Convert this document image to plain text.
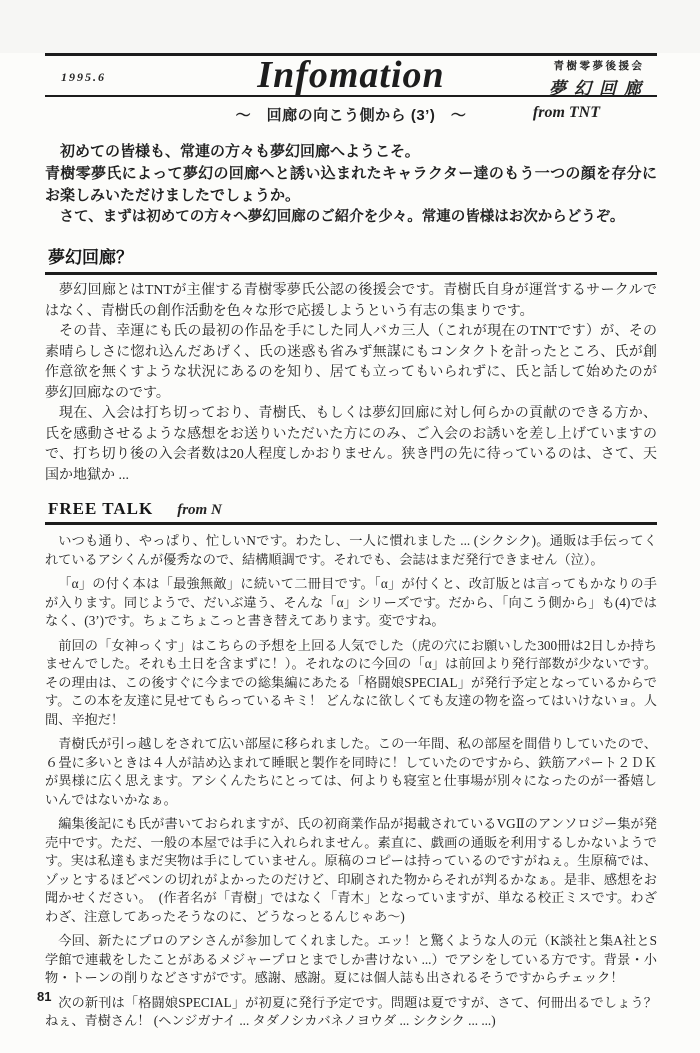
1995.6	Infomation	青樹零夢後援会
夢幻回廊
〜　回廊の向こう側から (3’)　〜	from TNT

初めての皆様も、常連の方々も夢幻回廊へようこそ。

青樹零夢氏によって夢幻の回廊へと誘い込まれたキャラクター達のもう一つの顔を存分にお楽しみいただけましたでしょうか。

さて、まずは初めての方々へ夢幻回廊のご紹介を少々。常連の皆様はお次からどうぞ。

夢幻回廊？

夢幻回廊とはTNTが主催する青樹零夢氏公認の後援会です。青樹氏自身が運営するサークルではなく、青樹氏の創作活動を色々な形で応援しようという有志の集まりです。

その昔、幸運にも氏の最初の作品を手にした同人バカ三人（これが現在のTNTです）が、その素晴らしさに惚れ込んだあげく、氏の迷惑も省みず無謀にもコンタクトを計ったところ、氏が創作意欲を無くすような状況にあるのを知り、居ても立ってもいられずに、氏と話して始めたのが夢幻回廊なのです。

現在、入会は打ち切っており、青樹氏、もしくは夢幻回廊に対し何らかの貢献のできる方か、氏を感動させるような感想をお送りいただいた方にのみ、ご入会のお誘いを差し上げていますので、打ち切り後の入会者数は20人程度しかおりません。狭き門の先に待っているのは、さて、天国か地獄か ...

FREE TALK from N

いつも通り、やっぱり、忙しいNです。わたし、一人に慣れました ... (シクシク)。通販は手伝ってくれているアシくんが優秀なので、結構順調です。それでも、会誌はまだ発行できません（泣）。

「α」の付く本は「最強無敵」に続いて二冊目です。「α」が付くと、改訂版とは言ってもかなりの手が入ります。同じようで、だいぶ違う、そんな「α」シリーズです。だから、「向こう側から」も(4)ではなく、(3’)です。ちょこちょこっと書き替えてあります。変ですね。

前回の「女神っくす」はこちらの予想を上回る人気でした（虎の穴にお願いした300冊は2日しか持ちませんでした。それも土日を含まずに！）。それなのに今回の「α」は前回より発行部数が少ないです。その理由は、この後すぐに今までの総集編にあたる「格闘娘SPECIAL」が発行予定となっているからです。この本を友達に見せてもらっているキミ！ どんなに欲しくても友達の物を盗ってはいけないョ。人間、辛抱だ！

青樹氏が引っ越しをされて広い部屋に移られました。この一年間、私の部屋を間借りしていたので、６畳に多いときは４人が詰め込まれて睡眠と製作を同時に！していたのですから、鉄筋アパート２ＤＫが異様に広く思えます。アシくんたちにとっては、何よりも寝室と仕事場が別々になったのが一番嬉しいんではないかなぁ。

編集後記にも氏が書いておられますが、氏の初商業作品が掲載されているVGⅡのアンソロジー集が発売中です。ただ、一般の本屋では手に入れられません。素直に、戯画の通販を利用するしかないようです。実は私達もまだ実物は手にしていません。原稿のコピーは持っているのですがねぇ。生原稿では、ゾッとするほどペンの切れがよかったのだけど、印刷された物からそれが判るかなぁ。是非、感想をお聞かせください。　(作者名が「青樹」ではなく「青木」となっていますが、単なる校正ミスです。わざわざ、注意してあったそうなのに、どうなっとるんじゃあ〜)

今回、新たにプロのアシさんが参加してくれました。エッ！と驚くような人の元（K談社と集A社とS学館で連載をしたことがあるメジャープロとまでしか書けない ...）でアシをしている方です。背景・小物・トーンの削りなどさすがです。感謝、感謝。夏には個人誌も出されるそうですからチェック！

次の新刊は「格闘娘SPECIAL」が初夏に発行予定です。問題は夏ですが、さて、何冊出るでしょう？　ねぇ、青樹さん！ (ヘンジガナイ ... タダノシカバネノヨウダ ... シクシク ... ...)

81
